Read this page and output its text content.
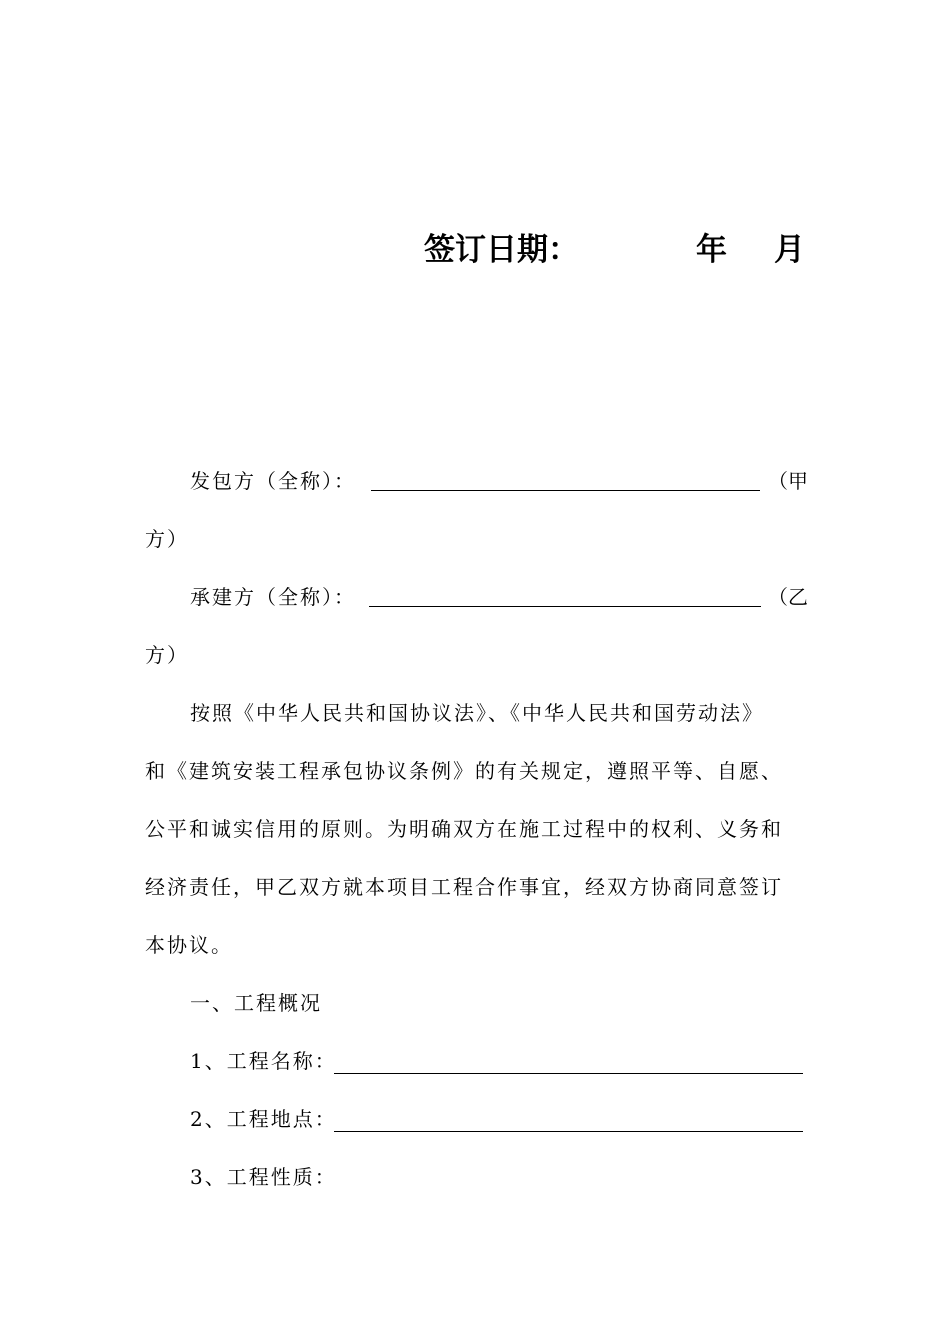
签订日期：	年 月
发包方（全称）：	（甲
方）
承建方（全称）：	（乙
方）
按照《中华人民共和国协议法》、《中华人民共和国劳动法》
和《建筑安装工程承包协议条例》的有关规定，遵照平等、自愿、
公平和诚实信用的原则。为明确双方在施工过程中的权利、义务和
经济责任，甲乙双方就本项目工程合作事宜，经双方协商同意签订
本协议。
一、工程概况
1、工程名称：
2、工程地点：
3、工程性质：
